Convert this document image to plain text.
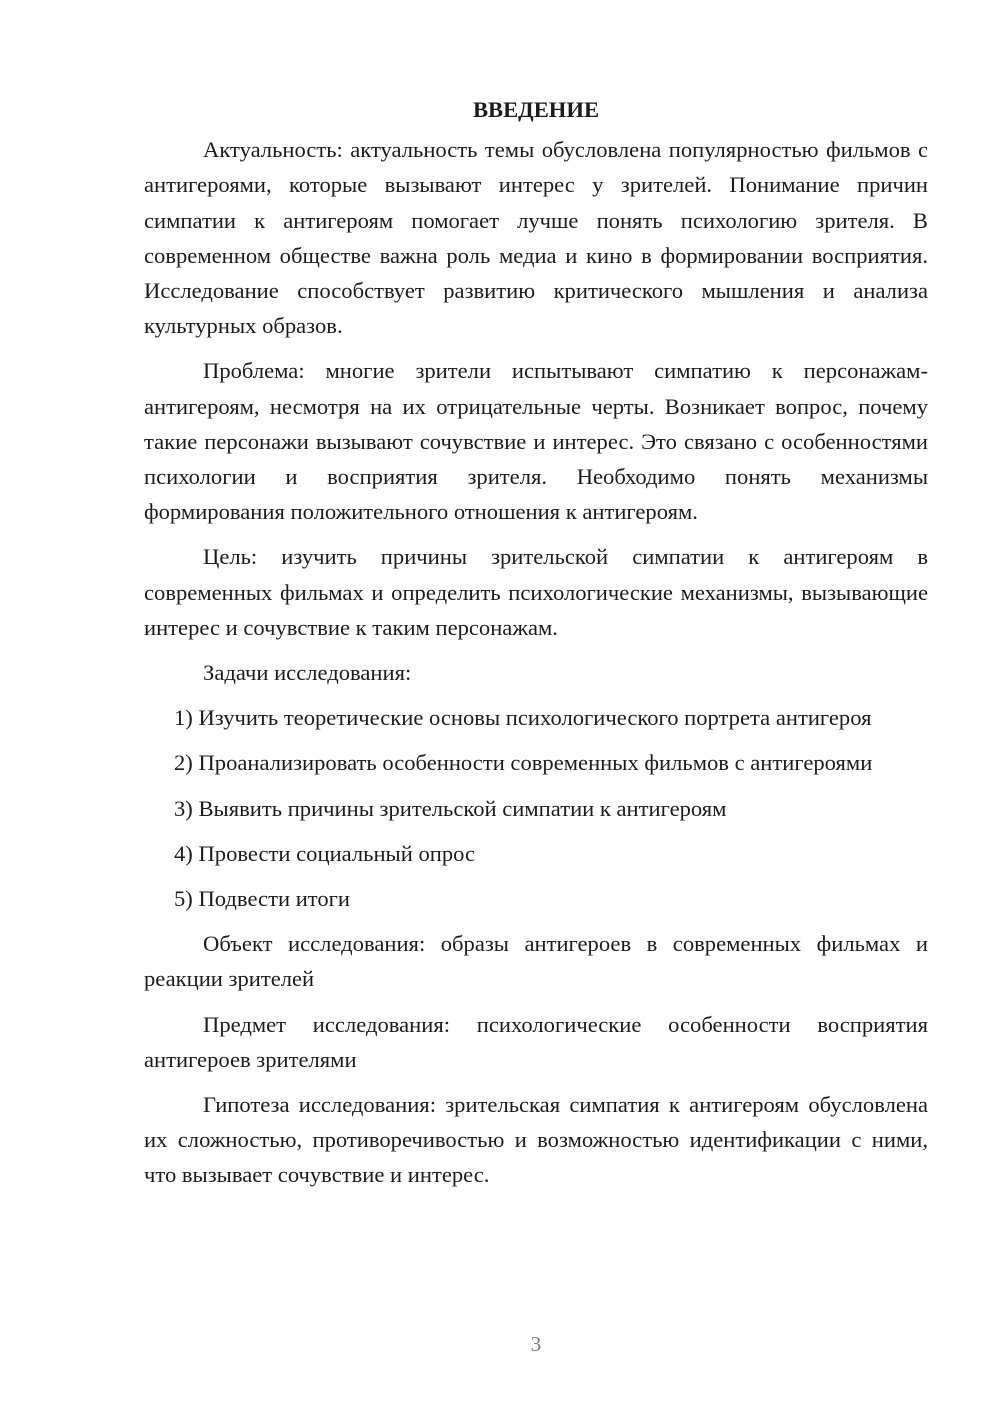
ВВЕДЕНИЕ

Актуальность: актуальность темы обусловлена популярностью фильмов с антигероями, которые вызывают интерес у зрителей. Понимание причин симпатии к антигероям помогает лучше понять психологию зрителя. В современном обществе важна роль медиа и кино в формировании восприятия. Исследование способствует развитию критического мышления и анализа культурных образов.

Проблема: многие зрители испытывают симпатию к персонажам-антигероям, несмотря на их отрицательные черты. Возникает вопрос, почему такие персонажи вызывают сочувствие и интерес. Это связано с особенностями психологии и восприятия зрителя. Необходимо понять механизмы формирования положительного отношения к антигероям.

Цель: изучить причины зрительской симпатии к антигероям в современных фильмах и определить психологические механизмы, вызывающие интерес и сочувствие к таким персонажам.

Задачи исследования:

1) Изучить теоретические основы психологического портрета антигероя

2) Проанализировать особенности современных фильмов с антигероями

3) Выявить причины зрительской симпатии к антигероям

4) Провести социальный опрос

5) Подвести итоги

Объект исследования: образы антигероев в современных фильмах и реакции зрителей

Предмет исследования: психологические особенности восприятия антигероев зрителями

Гипотеза исследования: зрительская симпатия к антигероям обусловлена их сложностью, противоречивостью и возможностью идентификации с ними, что вызывает сочувствие и интерес.

3
